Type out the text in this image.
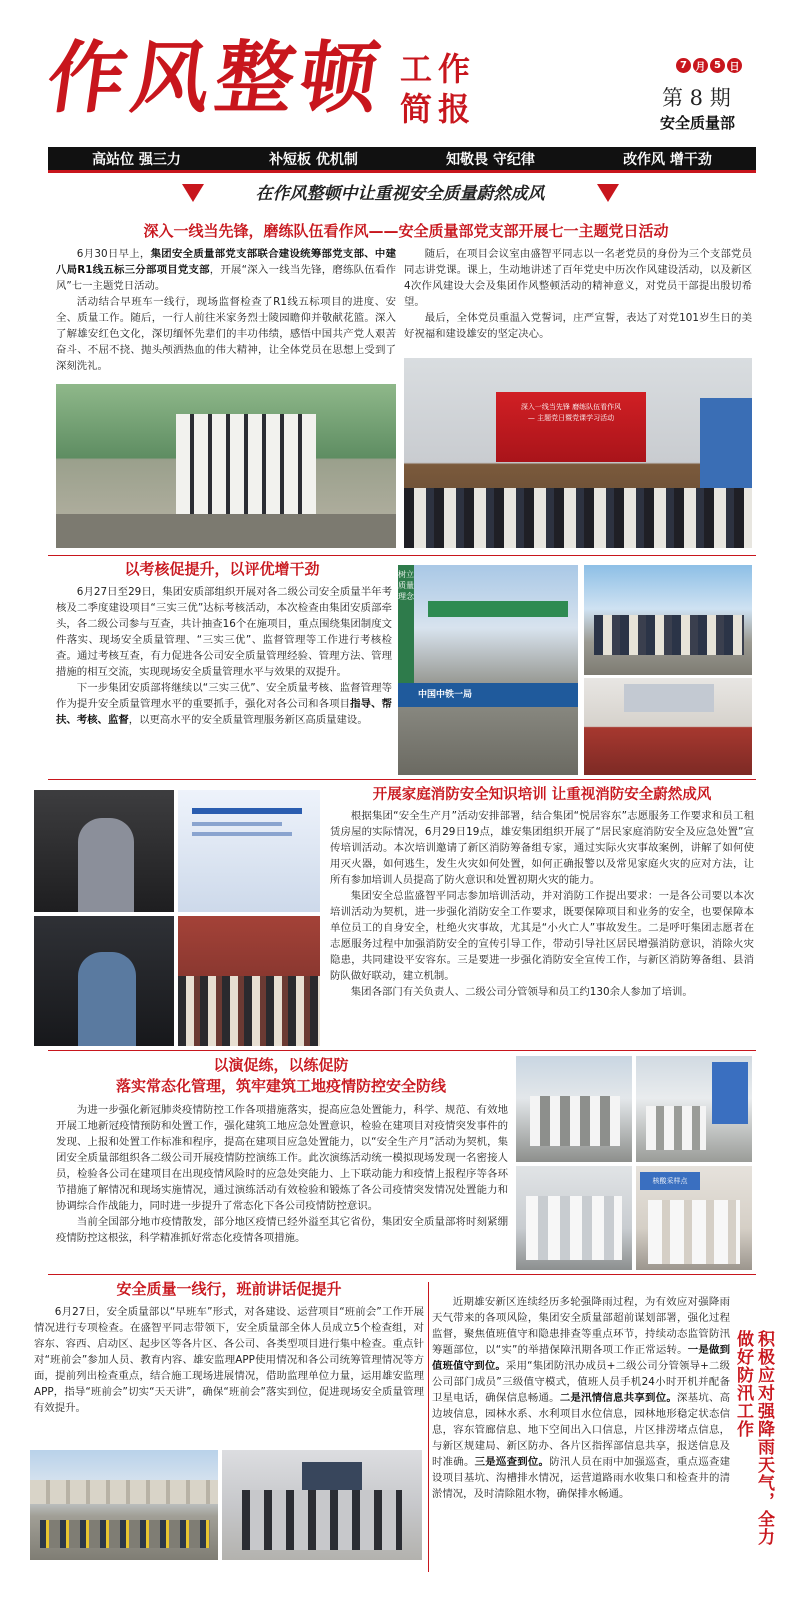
作风整顿 工作
简报
7 月 5 日
第 8 期
安全质量部
高站位 强三力	补短板 优机制	知敬畏 守纪律	改作风 增干劲
在作风整顿中让重视安全质量蔚然成风
深入一线当先锋，磨练队伍看作风——安全质量部党支部开展七一主题党日活动

6月30日早上，集团安全质量部党支部联合建设统筹部党支部、中建八局R1线五标三分部项目党支部，开展“深入一线当先锋，磨练队伍看作风”七一主题党日活动。

活动结合早班车一线行，现场监督检查了R1线五标项目的进度、安全、质量工作。随后，一行人前往米家务烈士陵园瞻仰并敬献花篮。深入了解雄安红色文化，深切缅怀先辈们的丰功伟绩，感悟中国共产党人艰苦奋斗、不屈不挠、抛头颅洒热血的伟大精神，让全体党员在思想上受到了深刻洗礼。

随后，在项目会议室由盛智平同志以一名老党员的身份为三个支部党员同志讲党课。课上，生动地讲述了百年党史中历次作风建设活动，以及新区4次作风建设大会及集团作风整顿活动的精神意义，对党员干部提出殷切希望。

最后，全体党员重温入党誓词，庄严宣誓，表达了对党101岁生日的美好祝福和建设雄安的坚定决心。

深入一线当先锋 磨练队伍看作风
— 主题党日暨党课学习活动
以考核促提升，以评优增干劲

6月27日至29日，集团安质部组织开展对各二级公司安全质量半年考核及二季度建设项目“三实三优”达标考核活动，本次检查由集团安质部牵头，各二级公司参与互查，共计抽查16个在施项目，重点围绕集团制度文件落实、现场安全质量管理、“三实三优”、监督管理等工作进行考核检查。通过考核互查，有力促进各公司安全质量管理经验、管理方法、管理措施的相互交流，实现现场安全质量管理水平与效果的双提升。

下一步集团安质部将继续以“三实三优”、安全质量考核、监督管理等作为提升安全质量管理水平的重要抓手，强化对各公司和各项目指导、帮扶、考核、监督，以更高水平的安全质量管理服务新区高质量建设。

树立质量理念
中国中铁一局
开展家庭消防安全知识培训 让重视消防安全蔚然成风

根据集团“安全生产月”活动安排部署，结合集团“悦居容东”志愿服务工作要求和员工租赁房屋的实际情况，6月29日19点，雄安集团组织开展了“居民家庭消防安全及应急处置”宣传培训活动。本次培训邀请了新区消防筹备组专家，通过实际火灾事故案例，讲解了如何使用灭火器，如何逃生，发生火灾如何处置，如何正确报警以及常见家庭火灾的应对方法，让所有参加培训人员提高了防火意识和处置初期火灾的能力。

集团安全总监盛智平同志参加培训活动，并对消防工作提出要求：一是各公司要以本次培训活动为契机，进一步强化消防安全工作要求，既要保障项目和业务的安全，也要保障本单位员工的自身安全，杜绝火灾事故，尤其是“小火亡人”事故发生。二是呼吁集团志愿者在志愿服务过程中加强消防安全的宣传引导工作，带动引导社区居民增强消防意识，消除火灾隐患，共同建设平安容东。三是要进一步强化消防安全宣传工作，与新区消防筹备组、县消防队做好联动，建立机制。

集团各部门有关负责人、二级公司分管领导和员工约130余人参加了培训。

以演促练，以练促防
落实常态化管理，筑牢建筑工地疫情防控安全防线

为进一步强化新冠肺炎疫情防控工作各项措施落实，提高应急处置能力，科学、规范、有效地开展工地新冠疫情预防和处置工作，强化建筑工地应急处置意识，检验在建项目对疫情突发事件的发现、上报和处置工作标准和程序，提高在建项目应急处置能力，以“安全生产月”活动为契机，集团安全质量部组织各二级公司开展疫情防控演练工作。此次演练活动统一模拟现场发现一名密接人员，检验各公司在建项目在出现疫情风险时的应急处突能力、上下联动能力和疫情上报程序等各环节措施了解情况和现场实施情况，通过演练活动有效检验和锻炼了各公司疫情突发情况处置能力和协调综合作战能力，同时进一步提升了常态化下各公司疫情防控意识。

当前全国部分地市疫情散发，部分地区疫情已经外溢至其它省份，集团安全质量部将时刻紧绷疫情防控这根弦，科学精准抓好常态化疫情各项措施。

核酸采样点
安全质量一线行，班前讲话促提升

6月27日，安全质量部以“早班车”形式，对各建设、运营项目“班前会”工作开展情况进行专项检查。在盛智平同志带领下，安全质量部全体人员成立5个检查组，对容东、容西、启动区、起步区等各片区、各公司、各类型项目进行集中检查。重点针对“班前会”参加人员、教育内容、雄安监理APP使用情况和各公司统筹管理情况等方面，提前列出检查重点，结合施工现场进展情况，借助监理单位力量，运用雄安监理APP，指导“班前会”切实“天天讲”，确保“班前会”落实到位，促进现场安全质量管理有效提升。

近期雄安新区连续经历多轮强降雨过程，为有效应对强降雨天气带来的各项风险，集团安全质量部超前谋划部署，强化过程监督，聚焦值班值守和隐患排查等重点环节，持续动态监管防汛筹题部位，以“实”的举措保障汛期各项工作正常运转。一是做到值班值守到位。采用“集团防汛办成员+二级公司分管领导+二级公司部门成员”三级值守模式，值班人员手机24小时开机并配备卫星电话，确保信息畅通。二是汛情信息共享到位。深基坑、高边坡信息，园林水系、水利项目水位信息，园林地形稳定状态信息，容东管廊信息、地下空间出入口信息，片区排涝堵点信息，与新区规建局、新区防办、各片区指挥部信息共享，报送信息及时准确。三是巡查到位。防汛人员在雨中加强巡查，重点巡查建设项目基坑、沟槽排水情况，运营道路雨水收集口和检查井的清淤情况，及时清除阻水物，确保排水畅通。	积极应对强降雨天气，全力做好防汛工作
